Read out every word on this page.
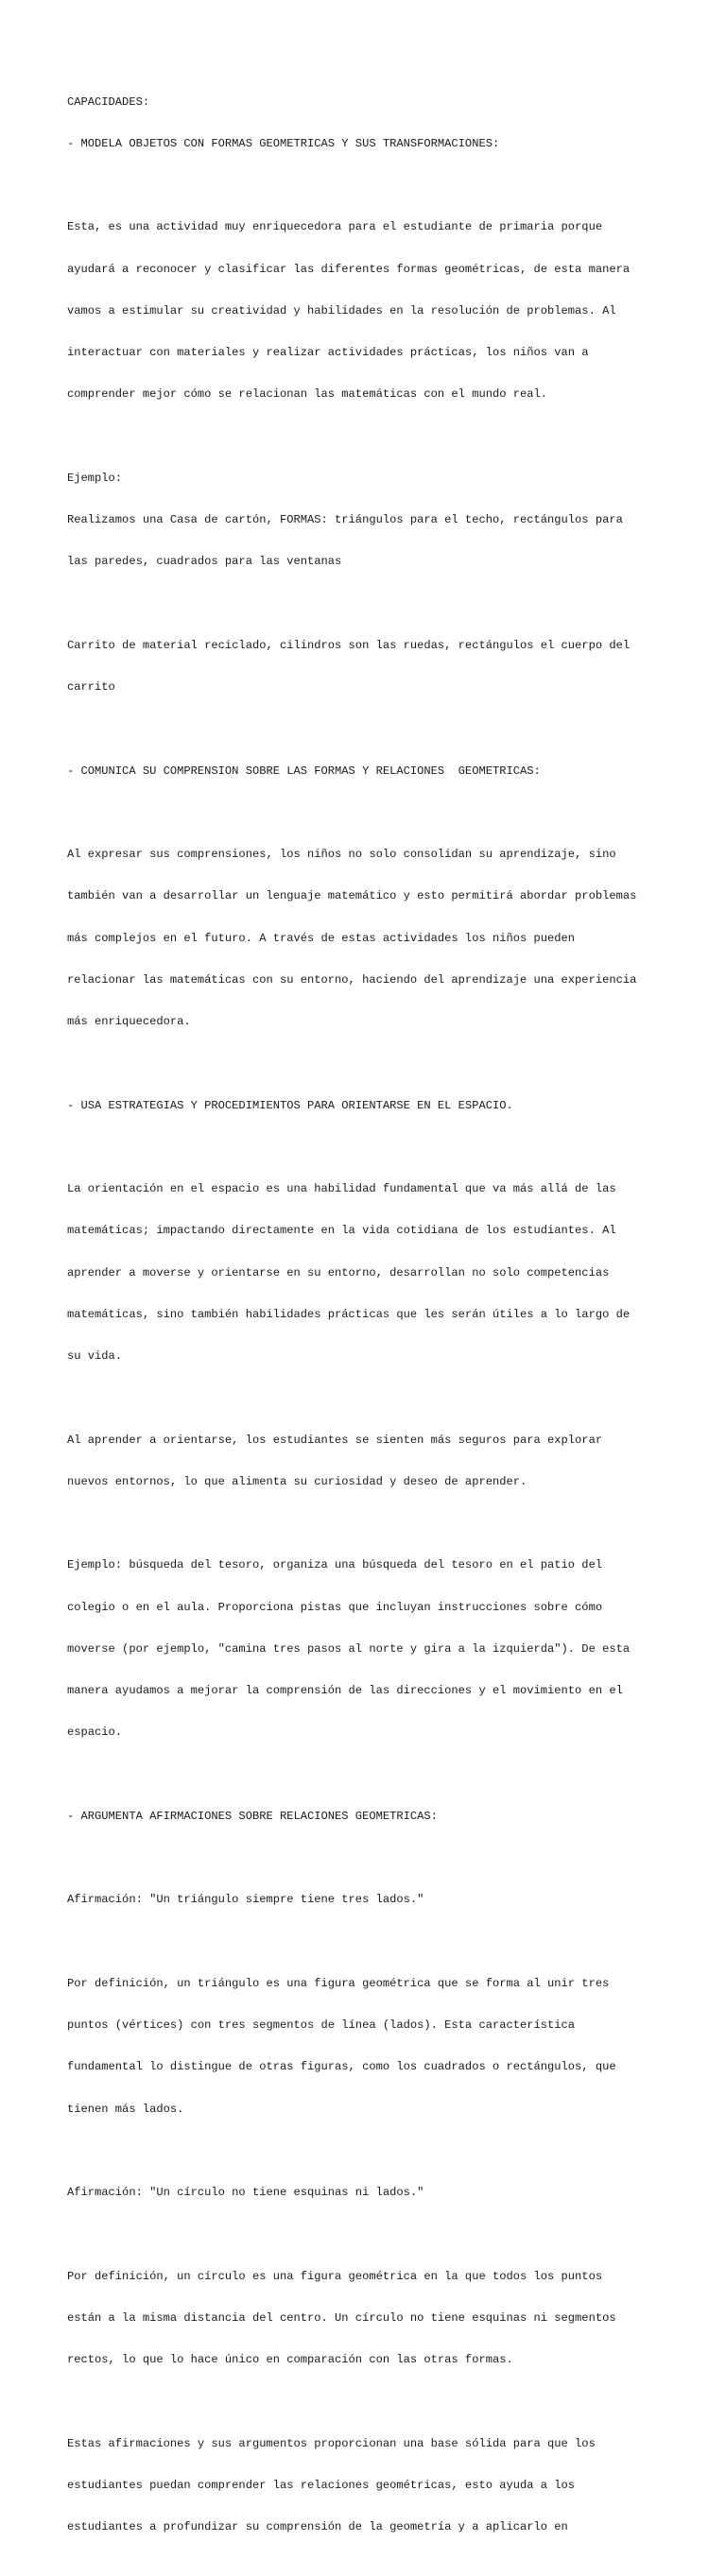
CAPACIDADES:

- MODELA OBJETOS CON FORMAS GEOMETRICAS Y SUS TRANSFORMACIONES:

Esta, es una actividad muy enriquecedora para el estudiante de primaria porque

ayudará a reconocer y clasificar las diferentes formas geométricas, de esta manera

vamos a estimular su creatividad y habilidades en la resolución de problemas. Al

interactuar con materiales y realizar actividades prácticas, los niños van a

comprender mejor cómo se relacionan las matemáticas con el mundo real.

Ejemplo:

Realizamos una Casa de cartón, FORMAS: triángulos para el techo, rectángulos para

las paredes, cuadrados para las ventanas

Carrito de material reciclado, cilindros son las ruedas, rectángulos el cuerpo del

carrito

- COMUNICA SU COMPRENSION SOBRE LAS FORMAS Y RELACIONES  GEOMETRICAS:

Al expresar sus comprensiones, los niños no solo consolidan su aprendizaje, sino

también van a desarrollar un lenguaje matemático y esto permitirá abordar problemas

más complejos en el futuro. A través de estas actividades los niños pueden

relacionar las matemáticas con su entorno, haciendo del aprendizaje una experiencia

más enriquecedora.

- USA ESTRATEGIAS Y PROCEDIMIENTOS PARA ORIENTARSE EN EL ESPACIO.

La orientación en el espacio es una habilidad fundamental que va más allá de las

matemáticas; impactando directamente en la vida cotidiana de los estudiantes. Al

aprender a moverse y orientarse en su entorno, desarrollan no solo competencias

matemáticas, sino también habilidades prácticas que les serán útiles a lo largo de

su vida.

Al aprender a orientarse, los estudiantes se sienten más seguros para explorar

nuevos entornos, lo que alimenta su curiosidad y deseo de aprender.

Ejemplo: búsqueda del tesoro, organiza una búsqueda del tesoro en el patio del

colegio o en el aula. Proporciona pistas que incluyan instrucciones sobre cómo

moverse (por ejemplo, "camina tres pasos al norte y gira a la izquierda"). De esta

manera ayudamos a mejorar la comprensión de las direcciones y el movimiento en el

espacio.

- ARGUMENTA AFIRMACIONES SOBRE RELACIONES GEOMETRICAS:

Afirmación: "Un triángulo siempre tiene tres lados."

Por definición, un triángulo es una figura geométrica que se forma al unir tres

puntos (vértices) con tres segmentos de línea (lados). Esta característica

fundamental lo distingue de otras figuras, como los cuadrados o rectángulos, que

tienen más lados.

Afirmación: "Un círculo no tiene esquinas ni lados."

Por definición, un círculo es una figura geométrica en la que todos los puntos

están a la misma distancia del centro. Un círculo no tiene esquinas ni segmentos

rectos, lo que lo hace único en comparación con las otras formas.

Estas afirmaciones y sus argumentos proporcionan una base sólida para que los

estudiantes puedan comprender las relaciones geométricas, esto ayuda a los

estudiantes a profundizar su comprensión de la geometría y a aplicarlo en
